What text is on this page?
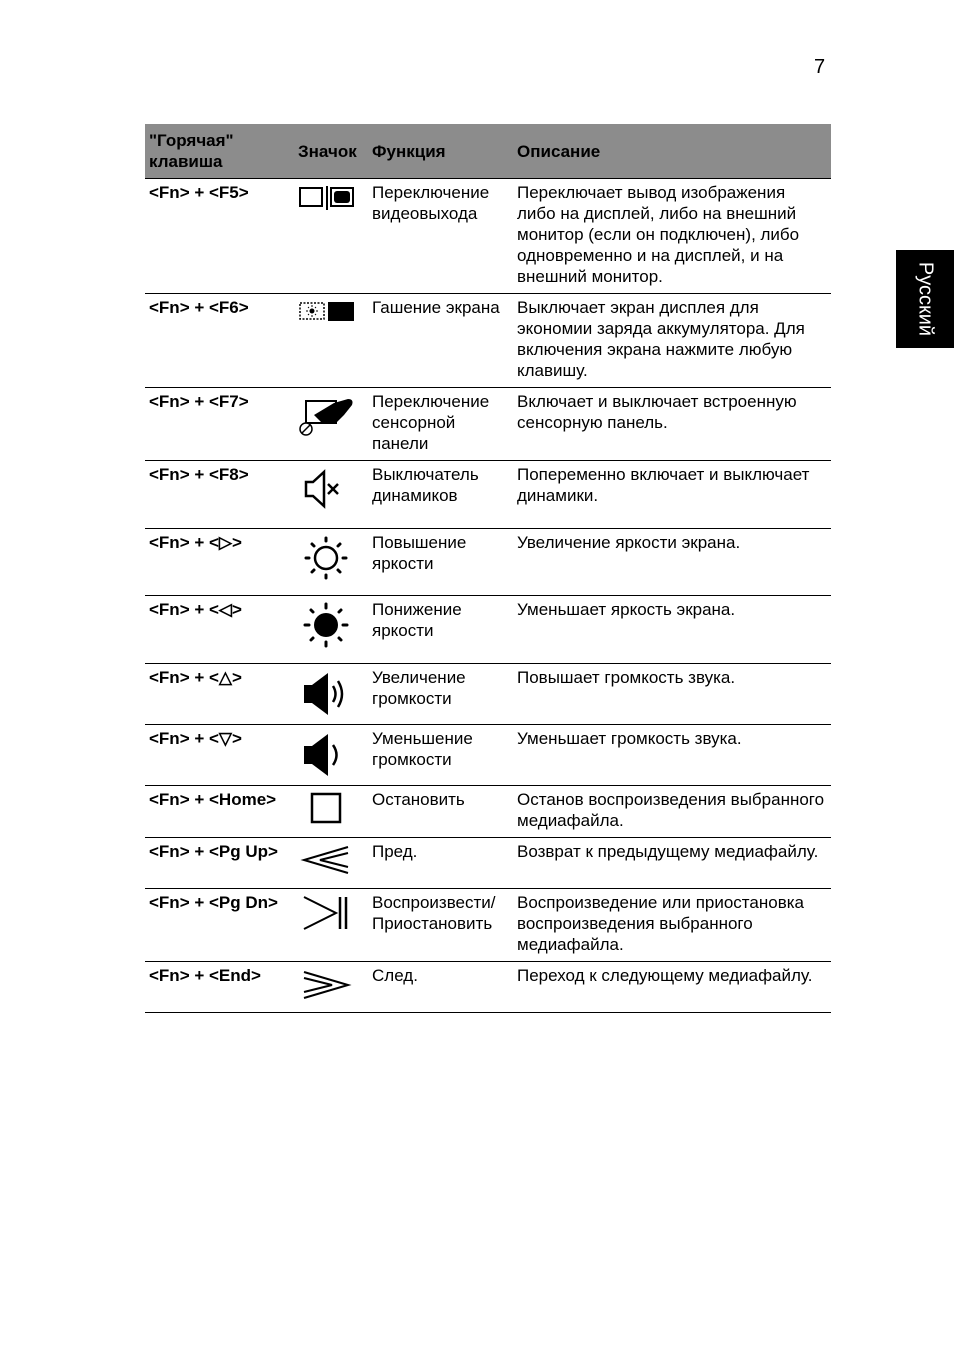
7
Русский
"Горячая" клавиша	Значок	Функция	Описание
<Fn> + <F5>		Переключение видеовыхода	Переключает вывод изображения либо на дисплей, либо на внешний монитор (если он подключен), либо одновременно и на дисплей, и на внешний монитор.
<Fn> + <F6>		Гашение экрана	Выключает экран дисплея для экономии заряда аккумулятора. Для включения экрана нажмите любую клавишу.
<Fn> + <F7>		Переключение сенсорной панели	Включает и выключает встроенную сенсорную панель.
<Fn> + <F8>		Выключатель динамиков	Попеременно включает и выключает динамики.
<Fn> + <▷>		Повышение яркости	Увеличение яркости экрана.
<Fn> + <◁>		Понижение яркости	Уменьшает яркость экрана.
<Fn> + <△>		Увеличение громкости	Повышает громкость звука.
<Fn> + <▽>		Уменьшение громкости	Уменьшает громкость звука.
<Fn> + <Home>		Остановить	Останов воспроизведения выбранного медиафайла.
<Fn> + <Pg Up>		Пред.	Возврат к предыдущему медиафайлу.
<Fn> + <Pg Dn>		Воспроизвести/ Приостановить	Воспроизведение или приостановка воспроизведения выбранного медиафайла.
<Fn> + <End>		След.	Переход к следующему медиафайлу.
